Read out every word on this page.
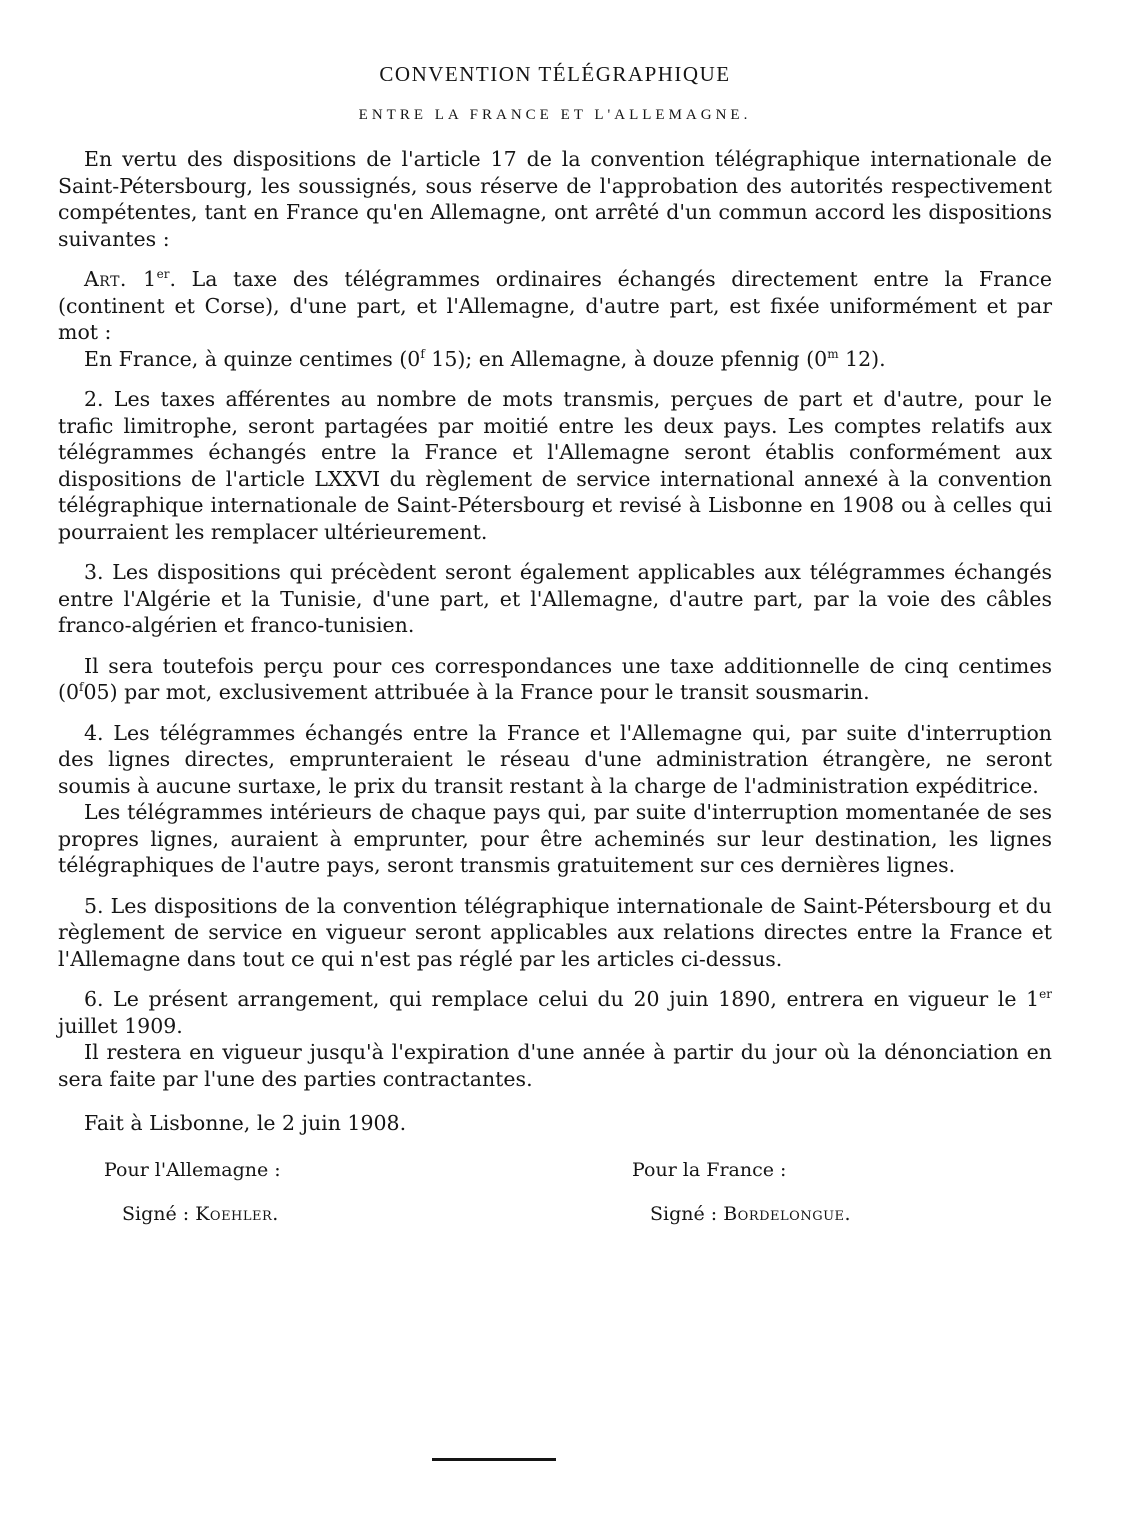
CONVENTION TÉLÉGRAPHIQUE
ENTRE LA FRANCE ET L'ALLEMAGNE.

En vertu des dispositions de l'article 17 de la convention télégraphique internationale de Saint-Pétersbourg, les soussignés, sous réserve de l'approbation des autorités respectivement compétentes, tant en France qu'en Allemagne, ont arrêté d'un commun accord les dispositions suivantes :

Art. 1er. La taxe des télégrammes ordinaires échangés directement entre la France (continent et Corse), d'une part, et l'Allemagne, d'autre part, est fixée uniformément et par mot :

En France, à quinze centimes (0$^f$ 15); en Allemagne, à douze pfennig (0$^m$ 12).

2. Les taxes afférentes au nombre de mots transmis, perçues de part et d'autre, pour le trafic limitrophe, seront partagées par moitié entre les deux pays. Les comptes relatifs aux télégrammes échangés entre la France et l'Allemagne seront établis conformément aux dispositions de l'article LXXVI du règlement de service international annexé à la convention télégraphique internationale de Saint-Pétersbourg et revisé à Lisbonne en 1908 ou à celles qui pourraient les remplacer ultérieurement.

3. Les dispositions qui précèdent seront également applicables aux télégrammes échangés entre l'Algérie et la Tunisie, d'une part, et l'Allemagne, d'autre part, par la voie des câbles franco-algérien et franco-tunisien.

Il sera toutefois perçu pour ces correspondances une taxe additionnelle de cinq centimes (0$^f$05) par mot, exclusivement attribuée à la France pour le transit sousmarin.

4. Les télégrammes échangés entre la France et l'Allemagne qui, par suite d'interruption des lignes directes, emprunteraient le réseau d'une administration étrangère, ne seront soumis à aucune surtaxe, le prix du transit restant à la charge de l'administration expéditrice.

Les télégrammes intérieurs de chaque pays qui, par suite d'interruption momentanée de ses propres lignes, auraient à emprunter, pour être acheminés sur leur destination, les lignes télégraphiques de l'autre pays, seront transmis gratuitement sur ces dernières lignes.

5. Les dispositions de la convention télégraphique internationale de Saint-Pétersbourg et du règlement de service en vigueur seront applicables aux relations directes entre la France et l'Allemagne dans tout ce qui n'est pas réglé par les articles ci-dessus.

6. Le présent arrangement, qui remplace celui du 20 juin 1890, entrera en vigueur le 1er juillet 1909.

Il restera en vigueur jusqu'à l'expiration d'une année à partir du jour où la dénonciation en sera faite par l'une des parties contractantes.

Fait à Lisbonne, le 2 juin 1908.

Pour l'Allemagne :

Signé : Koehler.

Pour la France :

Signé : Bordelongue.
